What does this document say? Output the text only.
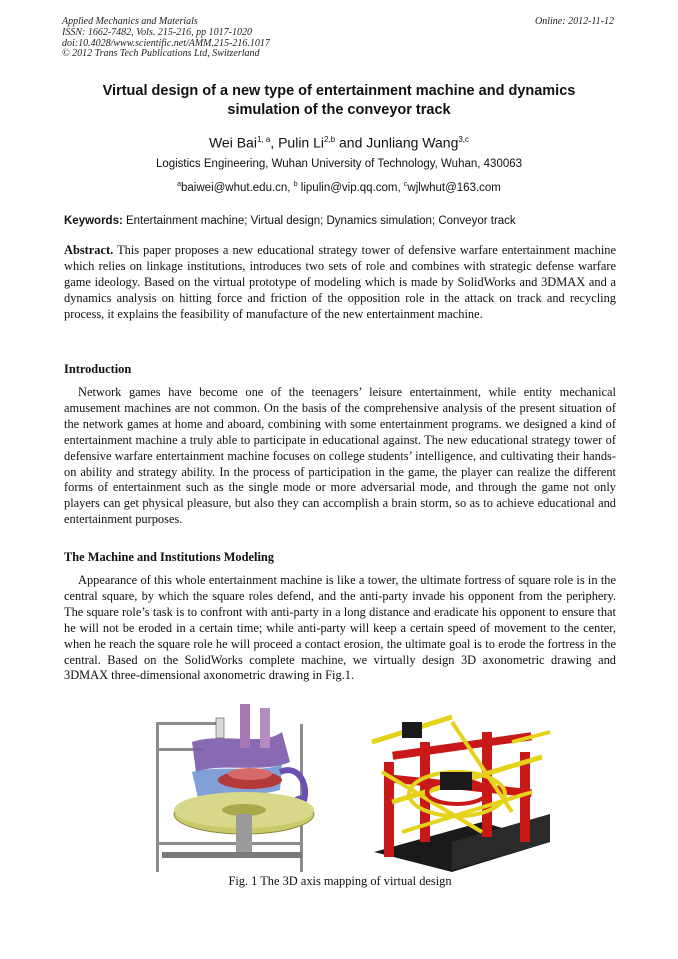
Applied Mechanics and Materials
ISSN: 1662-7482, Vols. 215-216, pp 1017-1020
doi:10.4028/www.scientific.net/AMM.215-216.1017
© 2012 Trans Tech Publications Ltd, Switzerland
Online: 2012-11-12
Virtual design of a new type of entertainment machine and dynamics
simulation of the conveyor track
Wei Bai$^{1, a}$, Pulin Li$^{2,b}$ and Junliang Wang$^{3,c}$
Logistics Engineering, Wuhan University of Technology, Wuhan, 430063
$^a$baiwei@whut.edu.cn, $^b$ lipulin@vip.qq.com, $^c$wjlwhut@163.com
Keywords: Entertainment machine; Virtual design; Dynamics simulation; Conveyor track
Abstract. This paper proposes a new educational strategy tower of defensive warfare entertainment machine which relies on linkage institutions, introduces two sets of role and combines with strategic defense warfare game ideology. Based on the virtual prototype of modeling which is made by SolidWorks and 3DMAX and a dynamics analysis on hitting force and friction of the opposition role in the attack on track and recycling process, it explains the feasibility of manufacture of the new entertainment machine.
Introduction
Network games have become one of the teenagers’ leisure entertainment, while entity mechanical amusement machines are not common. On the basis of the comprehensive analysis of the present situation of the network games at home and aboard, combining with some entertainment programs. we designed a kind of entertainment machine a truly able to participate in educational against. The new educational strategy tower of defensive warfare entertainment machine focuses on college students’ intelligence, and cultivating their hands-on ability and strategy ability. In the process of participation in the game, the player can realize the different forms of entertainment such as the single mode or more adversarial mode, and through the game not only players can get physical pleasure, but also they can accomplish a brain storm, so as to achieve educational and entertainment purposes.
The Machine and Institutions Modeling
Appearance of this whole entertainment machine is like a tower, the ultimate fortress of square role is in the central square, by which the square roles defend, and the anti-party invade his opponent from the periphery. The square role’s task is to confront with anti-party in a long distance and eradicate his opponent to ensure that he will not be eroded in a certain time; while anti-party will keep a certain speed of movement to the center, when he reach the square role he will proceed a contact erosion, the ultimate goal is to erode the fortress in the central. Based on the SolidWorks complete machine, we virtually design 3D axonometric drawing and 3DMAX three-dimensional axonometric drawing in Fig.1.
Fig. 1 The 3D axis mapping of virtual design
